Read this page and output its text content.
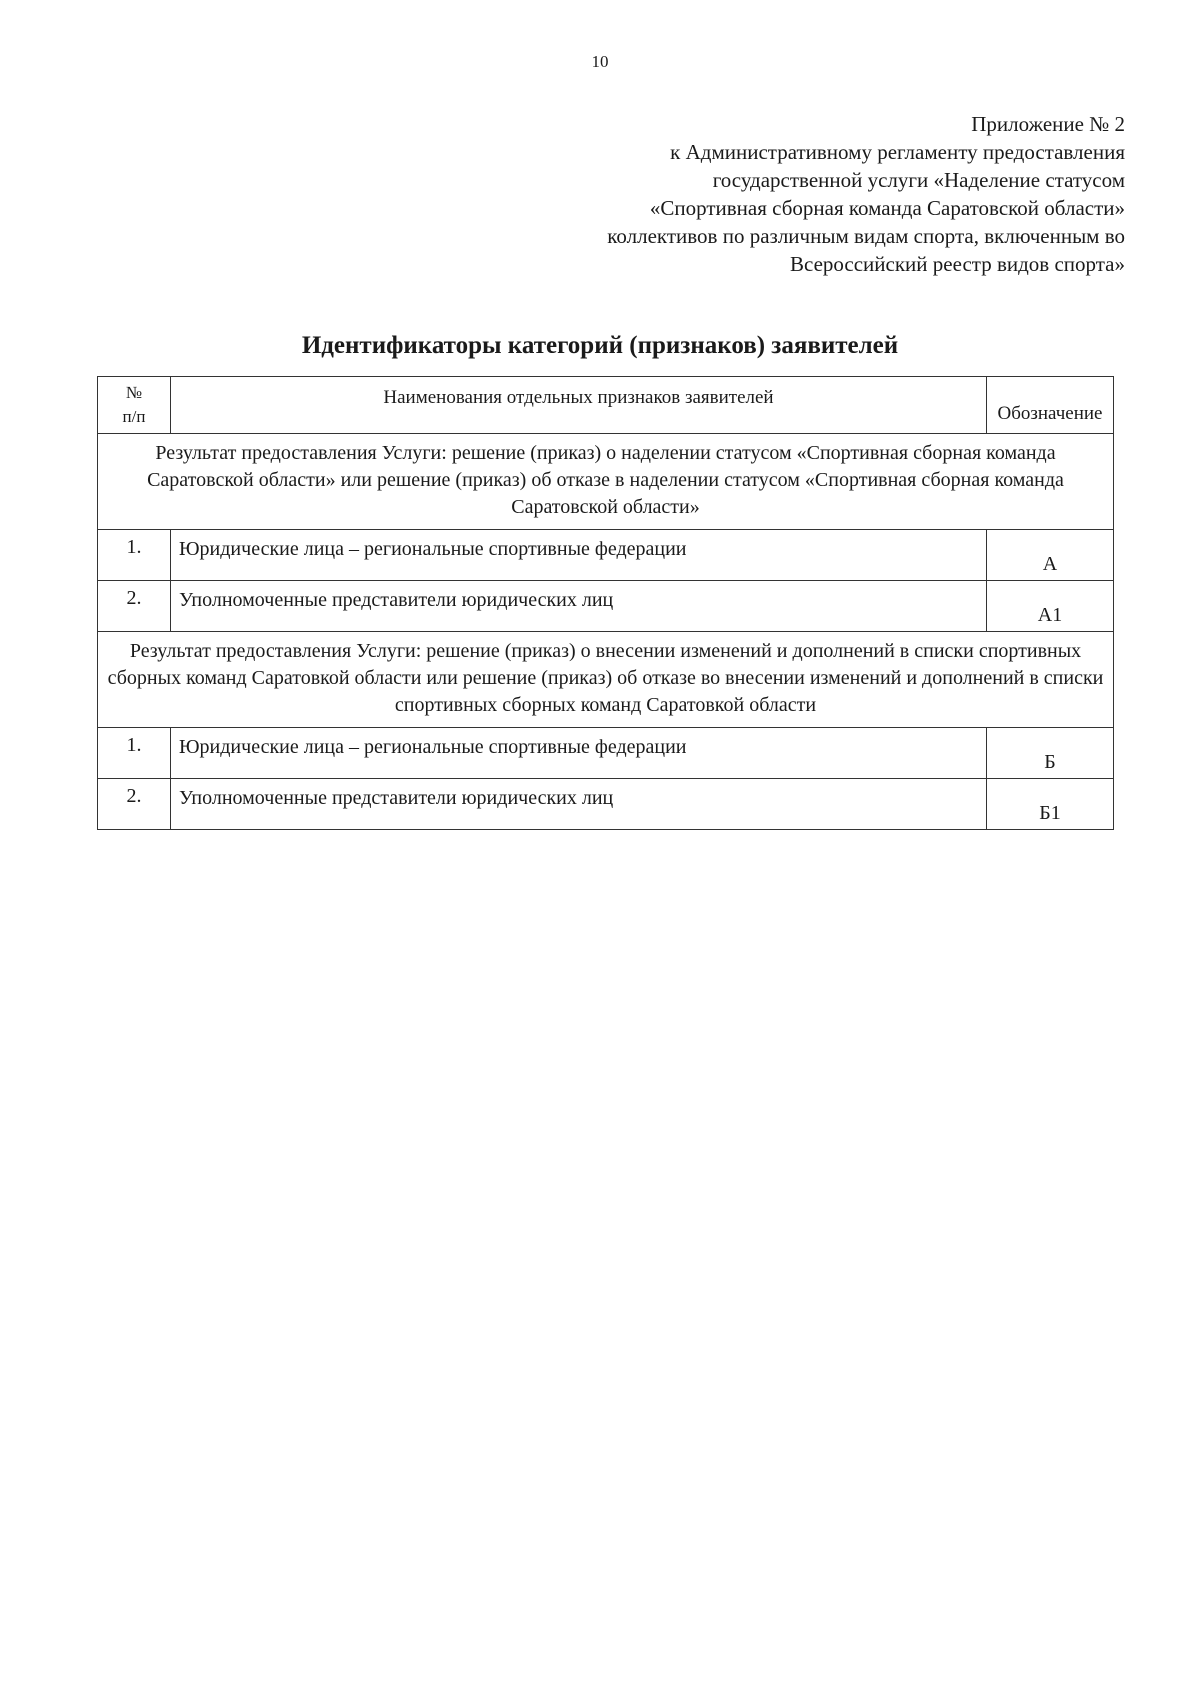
10
Приложение № 2
к Административному регламенту предоставления
государственной услуги «Наделение статусом
«Спортивная сборная команда Саратовской области»
коллективов по различным видам спорта, включенным во
Всероссийский реестр видов спорта»
Идентификаторы категорий (признаков) заявителей
№
п/п	Наименования отдельных признаков заявителей	Обозначение
Результат предоставления Услуги: решение (приказ) о наделении статусом «Спортивная сборная команда Саратовской области» или решение (приказ) об отказе в наделении статусом «Спортивная сборная команда Саратовской области»		
1.	Юридические лица – региональные спортивные федерации	А
2.	Уполномоченные представители юридических лиц	А1
Результат предоставления Услуги: решение (приказ) о внесении изменений и дополнений в списки спортивных сборных команд Саратовкой области или решение (приказ) об отказе во внесении изменений и дополнений в списки спортивных сборных команд Саратовкой области		
1.	Юридические лица – региональные спортивные федерации	Б
2.	Уполномоченные представители юридических лиц	Б1
